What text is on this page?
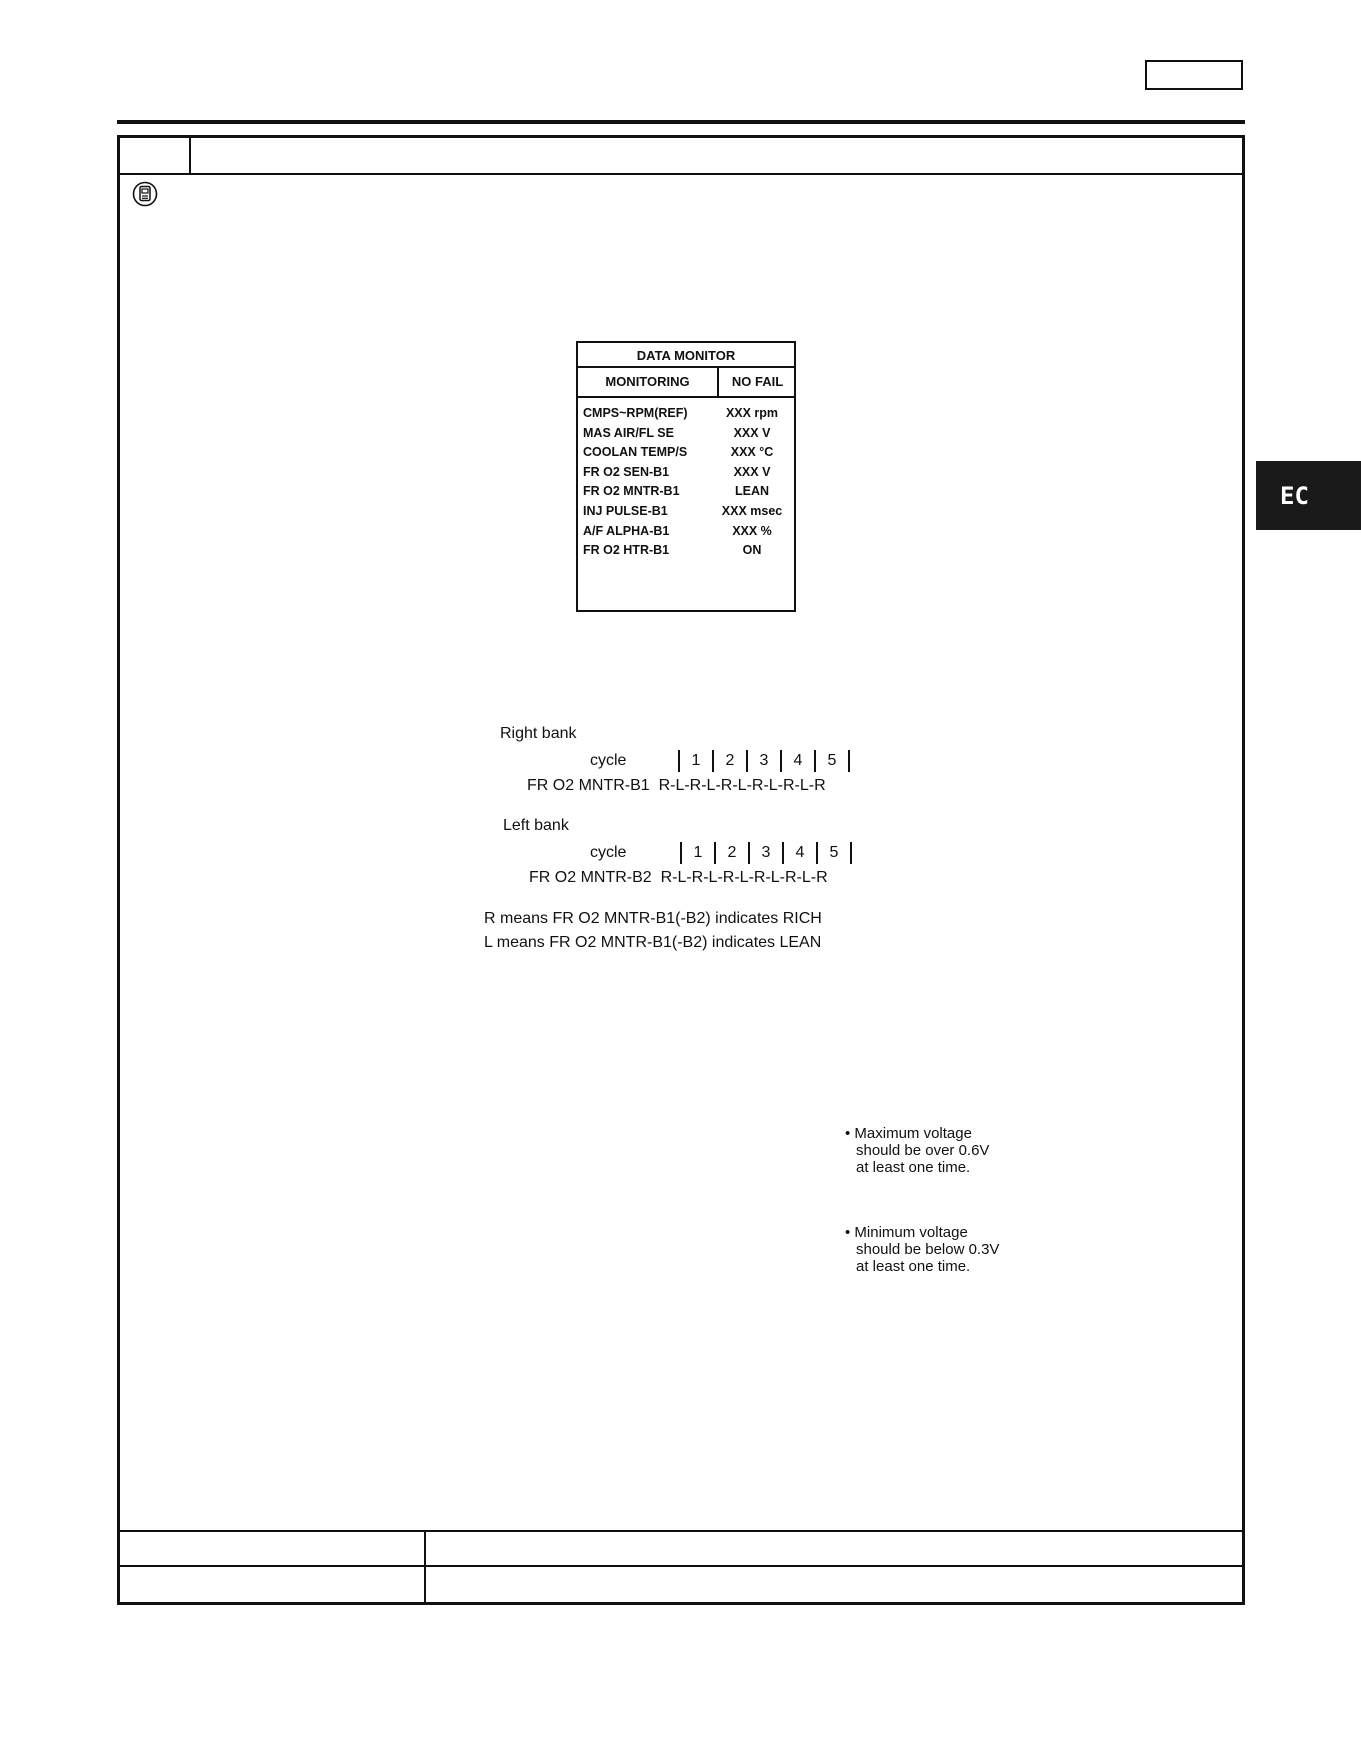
EC
DATA MONITOR
MONITORING	NO FAIL
CMPS~RPM(REF)	XXX rpm
MAS AIR/FL SE	XXX V
COOLAN TEMP/S	XXX °C
FR O2 SEN-B1	XXX V
FR O2 MNTR-B1	LEAN
INJ PULSE-B1	XXX msec
A/F ALPHA-B1	XXX %
FR O2 HTR-B1	ON
Right bank
cycle	1	2	3	4	5
FR O2 MNTR-B1 R-L-R-L-R-L-R-L-R-L-R
Left bank
cycle	1	2	3	4	5
FR O2 MNTR-B2 R-L-R-L-R-L-R-L-R-L-R
R means FR O2 MNTR-B1(-B2) indicates RICH
L means FR O2 MNTR-B1(-B2) indicates LEAN
• Maximum voltage
should be over 0.6V
at least one time.
• Minimum voltage
should be below 0.3V
at least one time.
